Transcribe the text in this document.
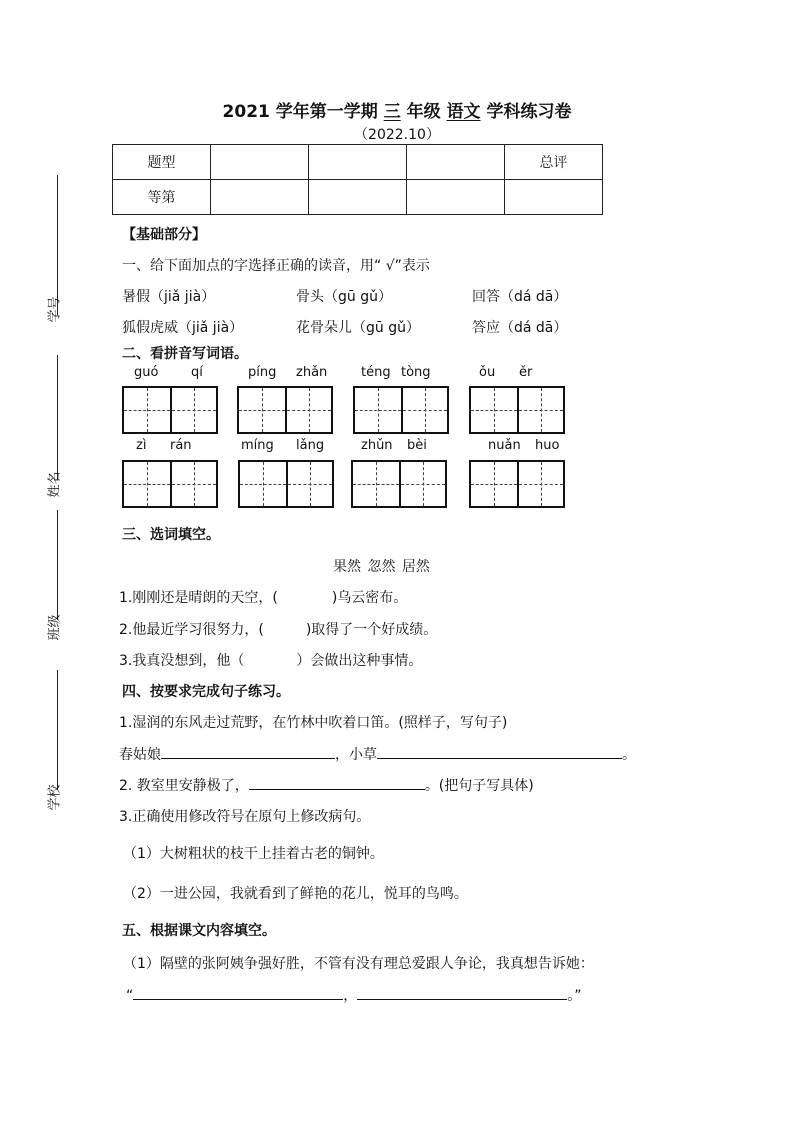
2021 学年第一学期 三 年级 语文 学科练习卷
（2022.10）
题型				总评
等第				
学号
姓名
班级
学校
【基础部分】
一、给下面加点的字选择正确的读音，用“ √”表示
暑假（jiǎ jià）	骨头（gū gǔ）	回答（dá dā）
狐假虎威（jiǎ jià）	花骨朵儿（gū gǔ）	答应（dá dā）
二、看拼音写词语。
guó	qí	píng zhǎn	téng tòng	ǒu ěr
zì rán	míng lǎng	zhǔn bèi	nuǎn huo
三、选词填空。
果然 忽然 居然
1.刚刚还是晴朗的天空，(	)乌云密布。
2.他最近学习很努力，(	)取得了一个好成绩。
3.我真没想到，他（	）会做出这种事情。
四、按要求完成句子练习。
1.湿润的东风走过荒野，在竹林中吹着口笛。(照样子，写句子)
春姑娘	，小草	。
2. 教室里安静极了，	。(把句子写具体)
3.正确使用修改符号在原句上修改病句。
（1）大树粗状的枝干上挂着古老的铜钟。
（2）一进公园，我就看到了鲜艳的花儿，悦耳的鸟鸣。
五、根据课文内容填空。
（1）隔壁的张阿姨争强好胜，不管有没有理总爱跟人争论，我真想告诉她：
“	，	。”
